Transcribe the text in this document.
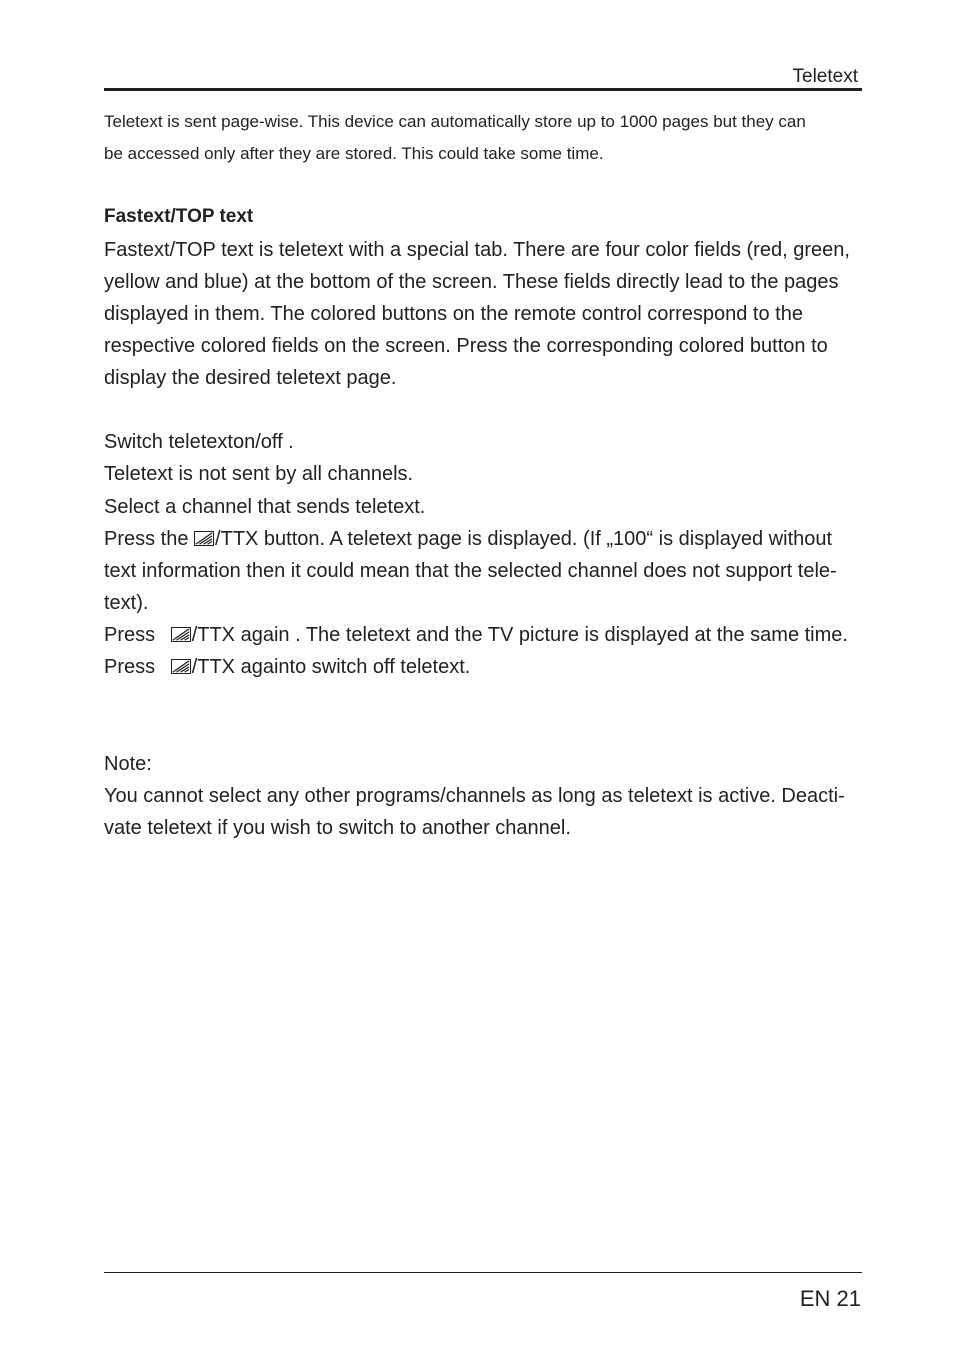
Teletext
Teletext is sent page-wise. This device can automatically store up to 1000 pages but they can
be accessed only after they are stored. This could take some time.
Fastext/TOP text
Fastext/TOP text is teletext with a special tab. There are four color fields (red, green,
yellow and blue) at the bottom of the screen. These fields directly lead to the pages
displayed in them. The colored buttons on the remote control correspond to the
respective colored fields on the screen. Press the corresponding colored button to
display the desired teletext page.
Switch teletexton/off .
Teletext is not sent by all channels.
Select a channel that sends teletext.
Press the
/TTX button. A teletext page is displayed. (If „100“ is displayed without
text information then it could mean that the selected channel does not support tele-
text).
Press
/TTX again . The teletext and the TV picture is displayed at the same time.
Press
/TTX againto switch off teletext.
Note:
You cannot select any other programs/channels as long as teletext is active. Deacti-
vate teletext if you wish to switch to another channel.
EN 21
